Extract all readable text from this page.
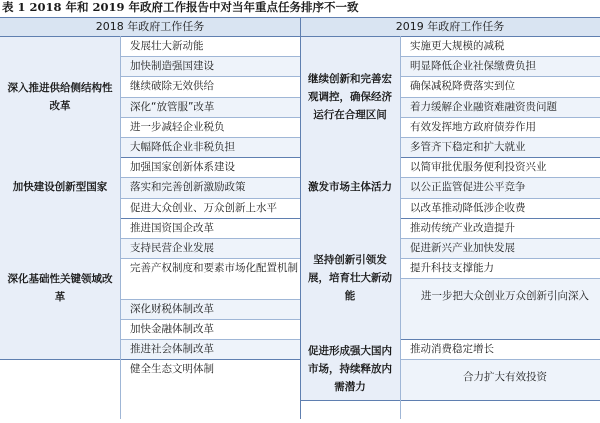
表 1 2018 年和 2019 年政府工作报告中对当年重点任务排序不一致
2018 年政府工作任务	2019 年政府工作任务
深入推进供给侧结构性改革
发展壮大新动能
加快制造强国建设
继续破除无效供给
深化“放管服”改革
进一步减轻企业税负
大幅降低企业非税负担
加快建设创新型国家
加强国家创新体系建设
落实和完善创新激励政策
促进大众创业、万众创新上水平
深化基础性关键领域改革
推进国资国企改革
支持民营企业发展
完善产权制度和要素市场化配置机制
深化财税体制改革
加快金融体制改革
推进社会体制改革
健全生态文明体制
继续创新和完善宏观调控，确保经济运行在合理区间
实施更大规模的减税
明显降低企业社保缴费负担
确保减税降费落实到位
着力缓解企业融资难融资贵问题
有效发挥地方政府债券作用
多管齐下稳定和扩大就业
激发市场主体活力
以简审批优服务便利投资兴业
以公正监管促进公平竞争
以改革推动降低涉企收费
坚持创新引领发展，培育壮大新动能
推动传统产业改造提升
促进新兴产业加快发展
提升科技支撑能力
进一步把大众创业万众创新引向深入
促进形成强大国内市场，持续释放内需潜力
推动消费稳定增长
合力扩大有效投资
